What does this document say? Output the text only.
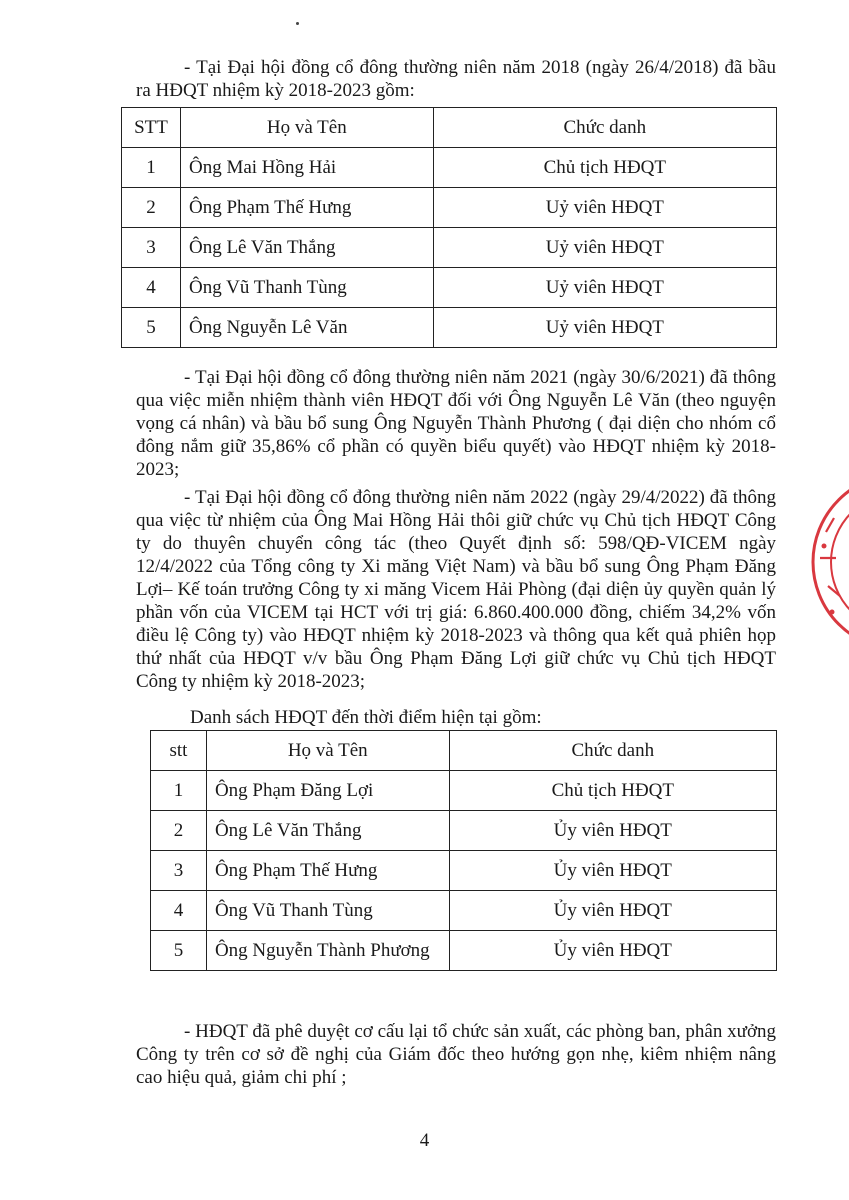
- Tại Đại hội đồng cổ đông thường niên năm 2018 (ngày 26/4/2018) đã bầu ra HĐQT nhiệm kỳ 2018-2023 gồm:

STT	Họ và Tên	Chức danh
1	Ông Mai Hồng Hải	Chủ tịch HĐQT
2	Ông Phạm Thế Hưng	Uỷ viên HĐQT
3	Ông Lê Văn Thắng	Uỷ viên HĐQT
4	Ông Vũ Thanh Tùng	Uỷ viên HĐQT
5	Ông Nguyễn Lê Văn	Uỷ viên HĐQT

- Tại Đại hội đồng cổ đông thường niên năm 2021 (ngày 30/6/2021) đã thông qua việc miễn nhiệm thành viên HĐQT đối với Ông Nguyễn Lê Văn (theo nguyện vọng cá nhân) và bầu bổ sung Ông Nguyễn Thành Phương ( đại diện cho nhóm cổ đông nắm giữ 35,86% cổ phần có quyền biểu quyết) vào HĐQT nhiệm kỳ 2018-2023;

- Tại Đại hội đồng cổ đông thường niên năm 2022 (ngày 29/4/2022) đã thông qua việc từ nhiệm của Ông Mai Hồng Hải thôi giữ chức vụ Chủ tịch HĐQT Công ty do thuyên chuyển công tác (theo Quyết định số: 598/QĐ-VICEM ngày 12/4/2022 của Tổng công ty Xi măng Việt Nam) và bầu bổ sung Ông Phạm Đăng Lợi– Kế toán trưởng Công ty xi măng Vicem Hải Phòng (đại diện ủy quyền quản lý phần vốn của VICEM tại HCT với trị giá: 6.860.400.000 đồng, chiếm 34,2% vốn điều lệ Công ty) vào HĐQT nhiệm kỳ 2018-2023 và thông qua kết quả phiên họp thứ nhất của HĐQT v/v bầu Ông Phạm Đăng Lợi giữ chức vụ Chủ tịch HĐQT Công ty nhiệm kỳ 2018-2023;

Danh sách HĐQT đến thời điểm hiện tại gồm:

stt	Họ và Tên	Chức danh
1	Ông Phạm Đăng Lợi	Chủ tịch HĐQT
2	Ông Lê Văn Thắng	Ủy viên HĐQT
3	Ông Phạm Thế Hưng	Ủy viên HĐQT
4	Ông Vũ Thanh Tùng	Ủy viên HĐQT
5	Ông Nguyễn Thành Phương	Ủy viên HĐQT

- HĐQT đã phê duyệt cơ cấu lại tổ chức sản xuất, các phòng ban, phân xưởng Công ty trên cơ sở đề nghị của Giám đốc theo hướng gọn nhẹ, kiêm nhiệm nâng cao hiệu quả, giảm chi phí ;

4
